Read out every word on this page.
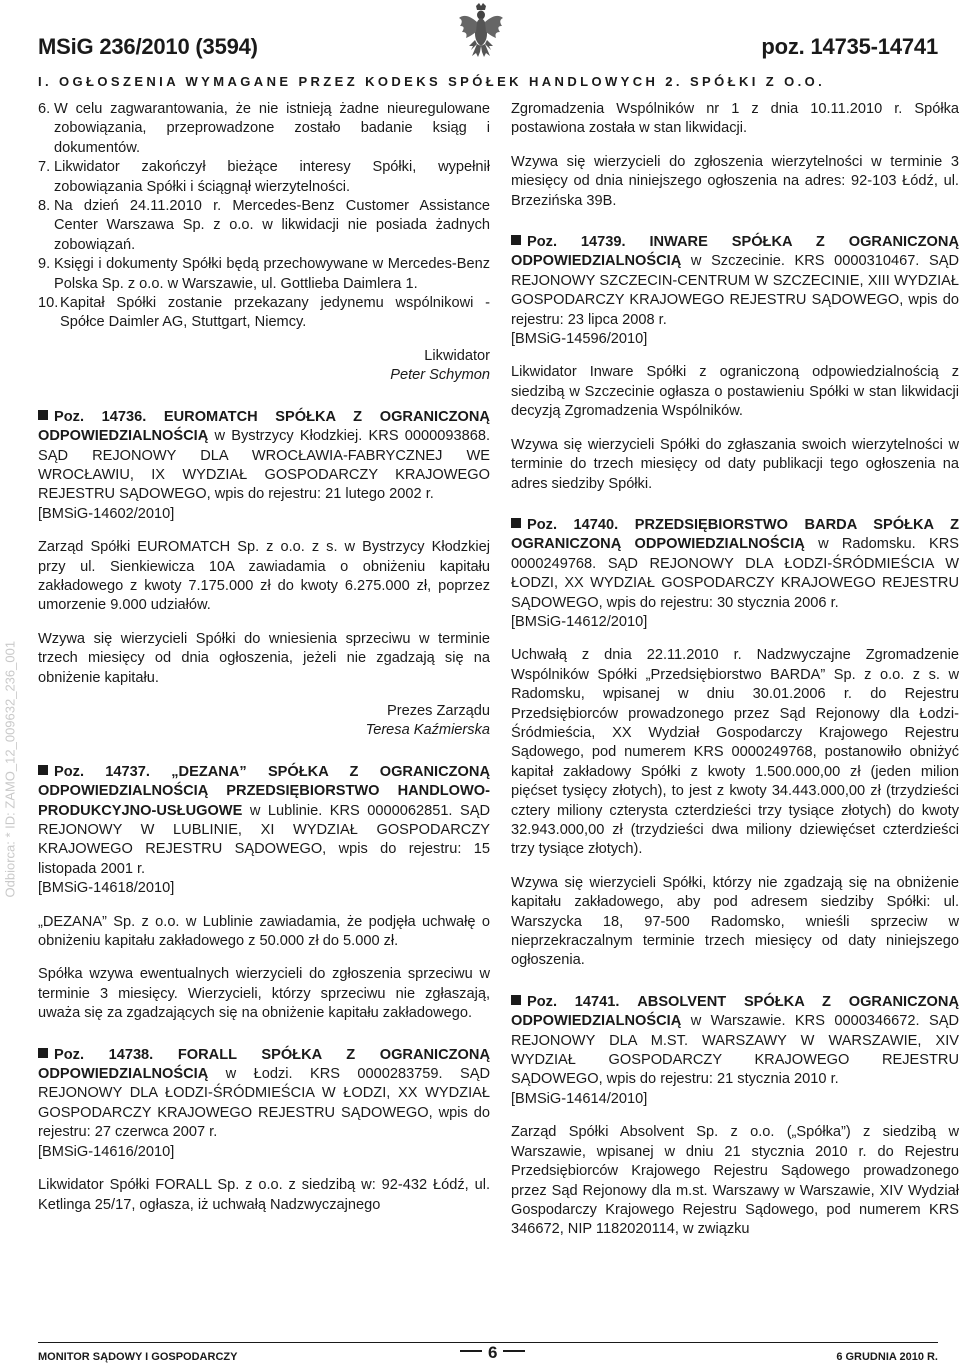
MSiG 236/2010 (3594)	poz. 14735-14741
I. OGŁOSZENIA WYMAGANE PRZEZ KODEKS SPÓŁEK HANDLOWYCH 2. SPÓŁKI Z O.O.
Odbiorca: * ID: ZAMO_12_009632_236_001
6. W celu zagwarantowania, że nie istnieją żadne nieuregulowane zobowiązania, przeprowadzone zostało badanie ksiąg i dokumentów.
7. Likwidator zakończył bieżące interesy Spółki, wypełnił zobowiązania Spółki i ściągnął wierzytelności.
8. Na dzień 24.11.2010 r. Mercedes-Benz Customer Assistance Center Warszawa Sp. z o.o. w likwidacji nie posiada żadnych zobowiązań.
9. Księgi i dokumenty Spółki będą przechowywane w Mercedes-Benz Polska Sp. z o.o. w Warszawie, ul. Gottlieba Daimlera 1.
10. Kapitał Spółki zostanie przekazany jedynemu wspólnikowi - Spółce Daimler AG, Stuttgart, Niemcy.
Likwidator
Peter Schymon

Poz. 14736. EUROMATCH SPÓŁKA Z OGRANICZONĄ ODPOWIEDZIALNOŚCIĄ w Bystrzycy Kłodzkiej. KRS 0000093868. SĄD REJONOWY DLA WROCŁAWIA-FABRYCZNEJ WE WROCŁAWIU, IX WYDZIAŁ GOSPODARCZY KRAJOWEGO REJESTRU SĄDOWEGO, wpis do rejestru: 21 lutego 2002 r.

[BMSiG-14602/2010]

Zarząd Spółki EUROMATCH Sp. z o.o. z s. w Bystrzycy Kłodzkiej przy ul. Sienkiewicza 10A zawiadamia o obniżeniu kapitału zakładowego z kwoty 7.175.000 zł do kwoty 6.275.000 zł, poprzez umorzenie 9.000 udziałów.

Wzywa się wierzycieli Spółki do wniesienia sprzeciwu w terminie trzech miesięcy od dnia ogłoszenia, jeżeli nie zgadzają się na obniżenie kapitału.

Prezes Zarządu
Teresa Kaźmierska

Poz. 14737. „DEZANA” SPÓŁKA Z OGRANICZONĄ ODPOWIEDZIALNOŚCIĄ PRZEDSIĘBIORSTWO HANDLOWO-PRODUKCYJNO-USŁUGOWE w Lublinie. KRS 0000062851. SĄD REJONOWY W LUBLINIE, XI WYDZIAŁ GOSPODARCZY KRAJOWEGO REJESTRU SĄDOWEGO, wpis do rejestru: 15 listopada 2001 r.

[BMSiG-14618/2010]

„DEZANA” Sp. z o.o. w Lublinie zawiadamia, że podjęła uchwałę o obniżeniu kapitału zakładowego z 50.000 zł do 5.000 zł.

Spółka wzywa ewentualnych wierzycieli do zgłoszenia sprzeciwu w terminie 3 miesięcy. Wierzycieli, którzy sprzeciwu nie zgłaszają, uważa się za zgadzających się na obniżenie kapitału zakładowego.

Poz. 14738. FORALL SPÓŁKA Z OGRANICZONĄ ODPOWIEDZIALNOŚCIĄ w Łodzi. KRS 0000283759. SĄD REJONOWY DLA ŁODZI-ŚRÓDMIEŚCIA W ŁODZI, XX WYDZIAŁ GOSPODARCZY KRAJOWEGO REJESTRU SĄDOWEGO, wpis do rejestru: 27 czerwca 2007 r.

[BMSiG-14616/2010]

Likwidator Spółki FORALL Sp. z o.o. z siedzibą w: 92-432 Łódź, ul. Ketlinga 25/17, ogłasza, iż uchwałą Nadzwyczajnego

Zgromadzenia Wspólników nr 1 z dnia 10.11.2010 r. Spółka postawiona została w stan likwidacji.

Wzywa się wierzycieli do zgłoszenia wierzytelności w terminie 3 miesięcy od dnia niniejszego ogłoszenia na adres: 92-103 Łódź, ul. Brzezińska 39B.

Poz. 14739. INWARE SPÓŁKA Z OGRANICZONĄ ODPOWIEDZIALNOŚCIĄ w Szczecinie. KRS 0000310467. SĄD REJONOWY SZCZECIN-CENTRUM W SZCZECINIE, XIII WYDZIAŁ GOSPODARCZY KRAJOWEGO REJESTRU SĄDOWEGO, wpis do rejestru: 23 lipca 2008 r.

[BMSiG-14596/2010]

Likwidator Inware Spółki z ograniczoną odpowiedzialnością z siedzibą w Szczecinie ogłasza o postawieniu Spółki w stan likwidacji decyzją Zgromadzenia Wspólników.

Wzywa się wierzycieli Spółki do zgłaszania swoich wierzytelności w terminie do trzech miesięcy od daty publikacji tego ogłoszenia na adres siedziby Spółki.

Poz. 14740. PRZEDSIĘBIORSTWO BARDA SPÓŁKA Z OGRANICZONĄ ODPOWIEDZIALNOŚCIĄ w Radomsku. KRS 0000249768. SĄD REJONOWY DLA ŁODZI-ŚRÓDMIEŚCIA W ŁODZI, XX WYDZIAŁ GOSPODARCZY KRAJOWEGO REJESTRU SĄDOWEGO, wpis do rejestru: 30 stycznia 2006 r.

[BMSiG-14612/2010]

Uchwałą z dnia 22.11.2010 r. Nadzwyczajne Zgromadzenie Wspólników Spółki „Przedsiębiorstwo BARDA” Sp. z o.o. z s. w Radomsku, wpisanej w dniu 30.01.2006 r. do Rejestru Przedsiębiorców prowadzonego przez Sąd Rejonowy dla Łodzi-Śródmieścia, XX Wydział Gospodarczy Krajowego Rejestru Sądowego, pod numerem KRS 0000249768, postanowiło obniżyć kapitał zakładowy Spółki z kwoty 1.500.000,00 zł (jeden milion pięćset tysięcy złotych), to jest z kwoty 34.443.000,00 zł (trzydzieści cztery miliony czterysta czterdzieści trzy tysiące złotych) do kwoty 32.943.000,00 zł (trzydzieści dwa miliony dziewięćset czterdzieści trzy tysiące złotych).

Wzywa się wierzycieli Spółki, którzy nie zgadzają się na obniżenie kapitału zakładowego, aby pod adresem siedziby Spółki: ul. Warszycka 18, 97-500 Radomsko, wnieśli sprzeciw w nieprzekraczalnym terminie trzech miesięcy od daty niniejszego ogłoszenia.

Poz. 14741. ABSOLVENT SPÓŁKA Z OGRANICZONĄ ODPOWIEDZIALNOŚCIĄ w Warszawie. KRS 0000346672. SĄD REJONOWY DLA M.ST. WARSZAWY W WARSZAWIE, XIV WYDZIAŁ GOSPODARCZY KRAJOWEGO REJESTRU SĄDOWEGO, wpis do rejestru: 21 stycznia 2010 r.

[BMSiG-14614/2010]

Zarząd Spółki Absolvent Sp. z o.o. („Spółka”) z siedzibą w Warszawie, wpisanej w dniu 21 stycznia 2010 r. do Rejestru Przedsiębiorców Krajowego Rejestru Sądowego prowadzonego przez Sąd Rejonowy dla m.st. Warszawy w Warszawie, XIV Wydział Gospodarczy Krajowego Rejestru Sądowego, pod numerem KRS 346672, NIP 1182020114, w związku

MONITOR SĄDOWY I GOSPODARCZY	6	6 GRUDNIA 2010 R.
